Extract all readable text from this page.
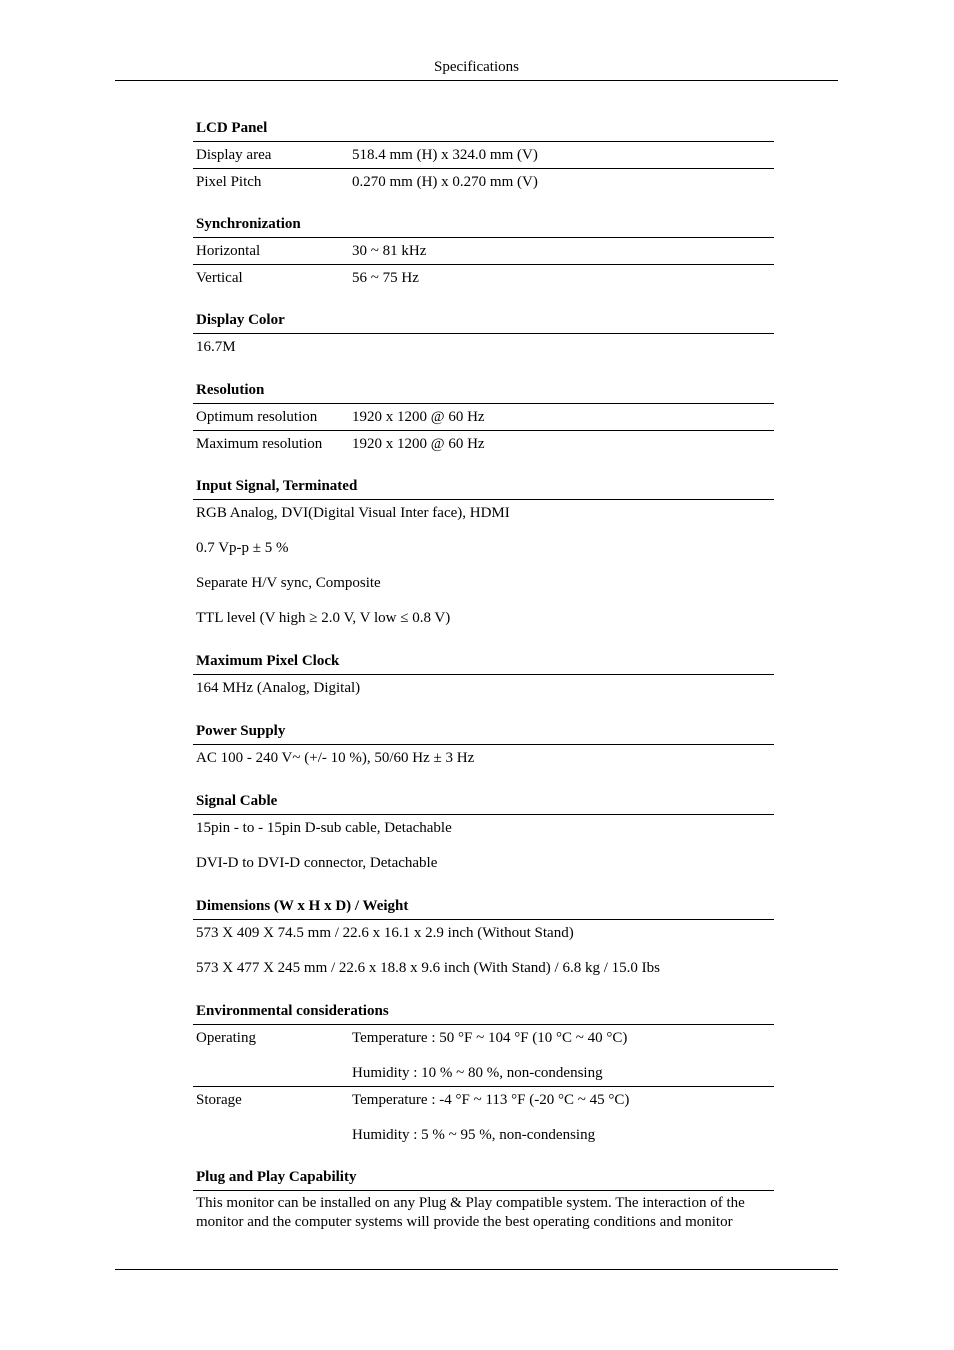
Specifications
LCD Panel
Display area	518.4 mm (H) x 324.0 mm (V)
Pixel Pitch	0.270 mm (H) x 0.270 mm (V)
Synchronization
Horizontal	30 ~ 81 kHz
Vertical	56 ~ 75 Hz
Display Color
16.7M
Resolution
Optimum resolution	1920 x 1200 @ 60 Hz
Maximum resolution	1920 x 1200 @ 60 Hz
Input Signal, Terminated
RGB Analog, DVI(Digital Visual Inter face), HDMI
0.7 Vp-p ± 5 %
Separate H/V sync, Composite
TTL level (V high ≥ 2.0 V, V low ≤ 0.8 V)
Maximum Pixel Clock
164 MHz (Analog, Digital)
Power Supply
AC 100 - 240 V~ (+/- 10 %), 50/60 Hz ± 3 Hz
Signal Cable
15pin - to - 15pin D-sub cable, Detachable
DVI-D to DVI-D connector, Detachable
Dimensions (W x H x D) / Weight
573 X 409 X 74.5 mm / 22.6 x 16.1 x 2.9 inch (Without Stand)
573 X 477 X 245 mm / 22.6 x 18.8 x 9.6 inch (With Stand) / 6.8 kg / 15.0 Ibs
Environmental considerations
Operating	Temperature : 50 °F ~ 104 °F (10 °C ~ 40 °C)
Humidity : 10 % ~ 80 %, non-condensing
Storage	Temperature : -4 °F ~ 113 °F (-20 °C ~ 45 °C)
Humidity : 5 % ~ 95 %, non-condensing
Plug and Play Capability
This monitor can be installed on any Plug & Play compatible system. The interaction of the monitor and the computer systems will provide the best operating conditions and monitor
